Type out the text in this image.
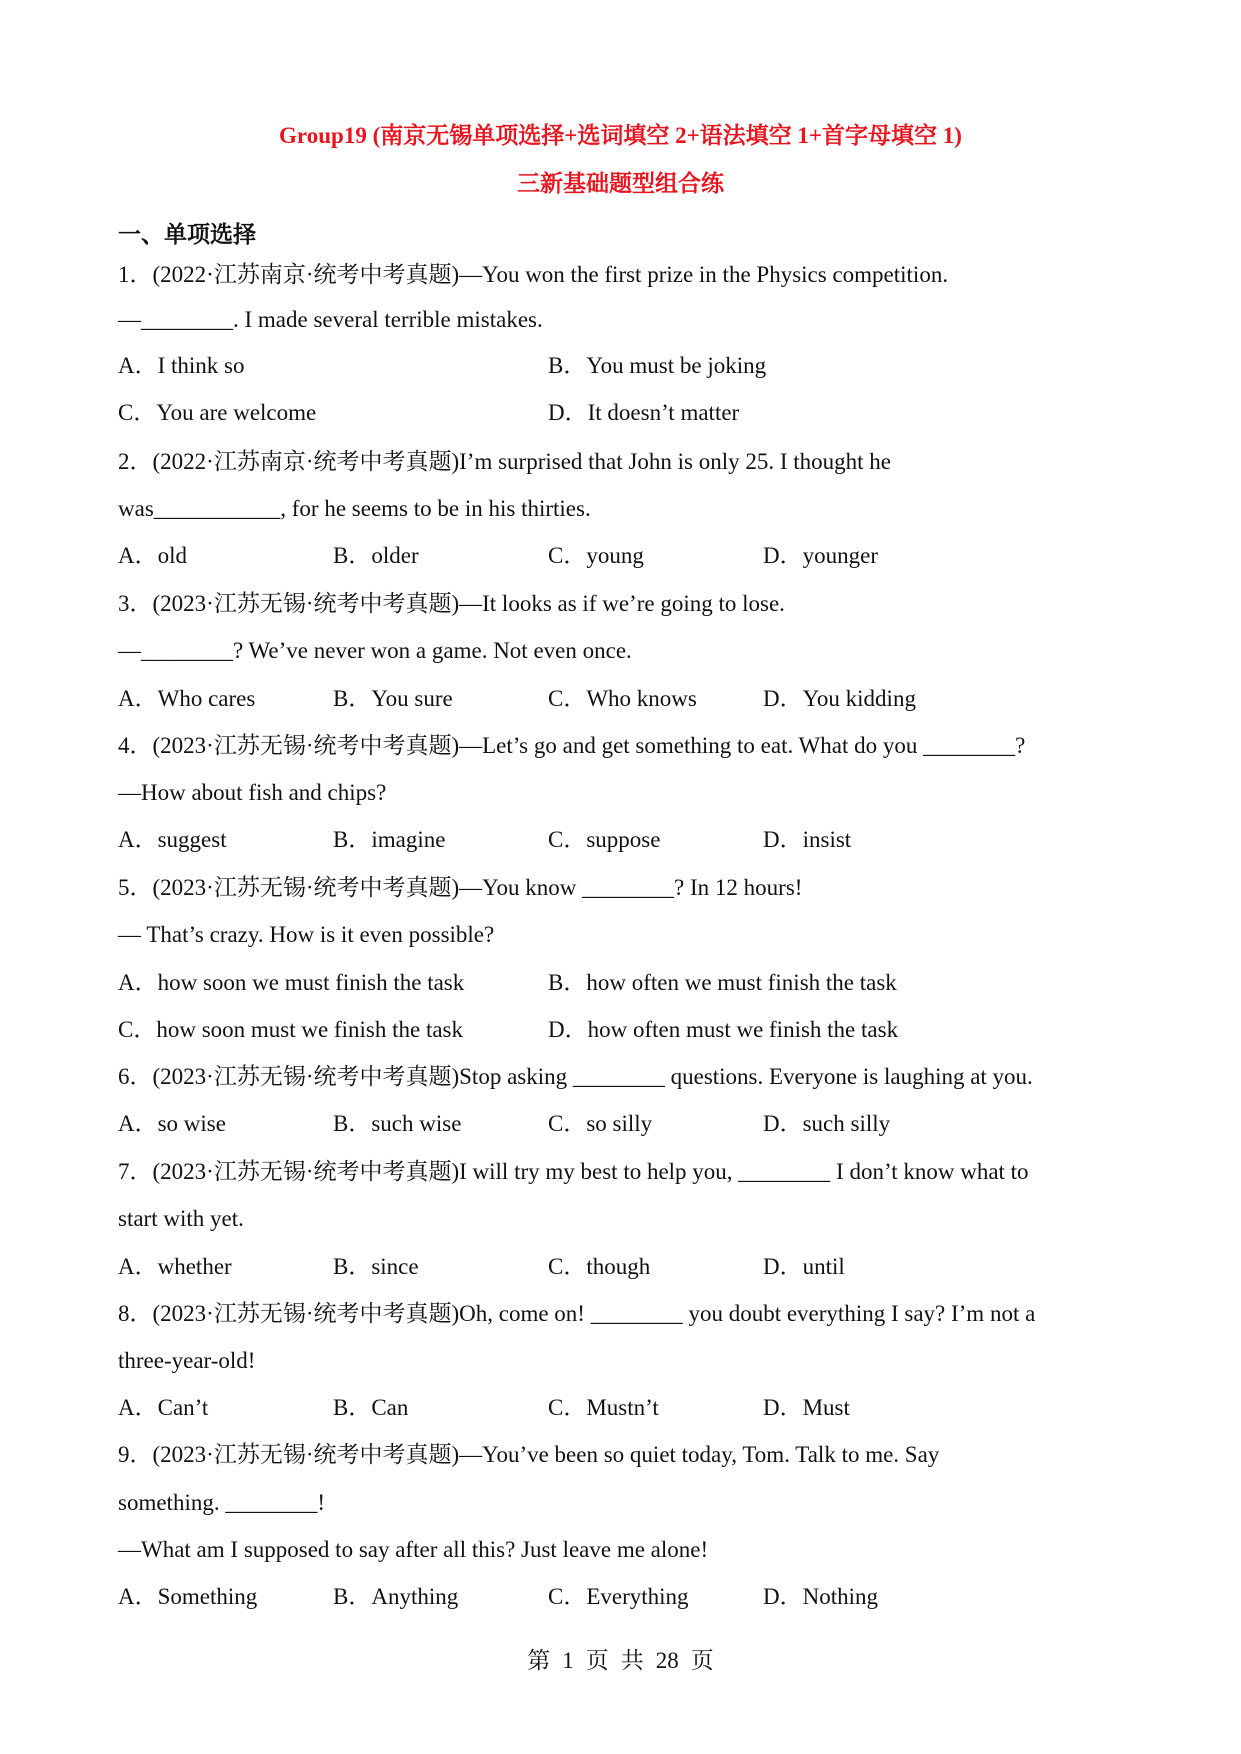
Group19 (南京无锡单项选择+选词填空 2+语法填空 1+首字母填空 1)
三新基础题型组合练
一、单项选择
1．(2022·江苏南京·统考中考真题)—You won the first prize in the Physics competition.
—________. I made several terrible mistakes.
A．I think so	B．You must be joking
C．You are welcome	D．It doesn’t matter
2．(2022·江苏南京·统考中考真题)I’m surprised that John is only 25. I thought he
was___________, for he seems to be in his thirties.
A．old	B．older	C．young	D．younger
3．(2023·江苏无锡·统考中考真题)—It looks as if we’re going to lose.
—________? We’ve never won a game. Not even once.
A．Who cares	B．You sure	C．Who knows	D．You kidding
4．(2023·江苏无锡·统考中考真题)—Let’s go and get something to eat. What do you ________?
—How about fish and chips?
A．suggest	B．imagine	C．suppose	D．insist
5．(2023·江苏无锡·统考中考真题)—You know ________? In 12 hours!
— That’s crazy. How is it even possible?
A．how soon we must finish the task	B．how often we must finish the task
C．how soon must we finish the task	D．how often must we finish the task
6．(2023·江苏无锡·统考中考真题)Stop asking ________ questions. Everyone is laughing at you.
A．so wise	B．such wise	C．so silly	D．such silly
7．(2023·江苏无锡·统考中考真题)I will try my best to help you, ________ I don’t know what to
start with yet.
A．whether	B．since	C．though	D．until
8．(2023·江苏无锡·统考中考真题)Oh, come on! ________ you doubt everything I say? I’m not a
three-year-old!
A．Can’t	B．Can	C．Mustn’t	D．Must
9．(2023·江苏无锡·统考中考真题)—You’ve been so quiet today, Tom. Talk to me. Say
something. ________!
—What am I supposed to say after all this? Just leave me alone!
A．Something	B．Anything	C．Everything	D．Nothing
第 1 页 共 28 页
